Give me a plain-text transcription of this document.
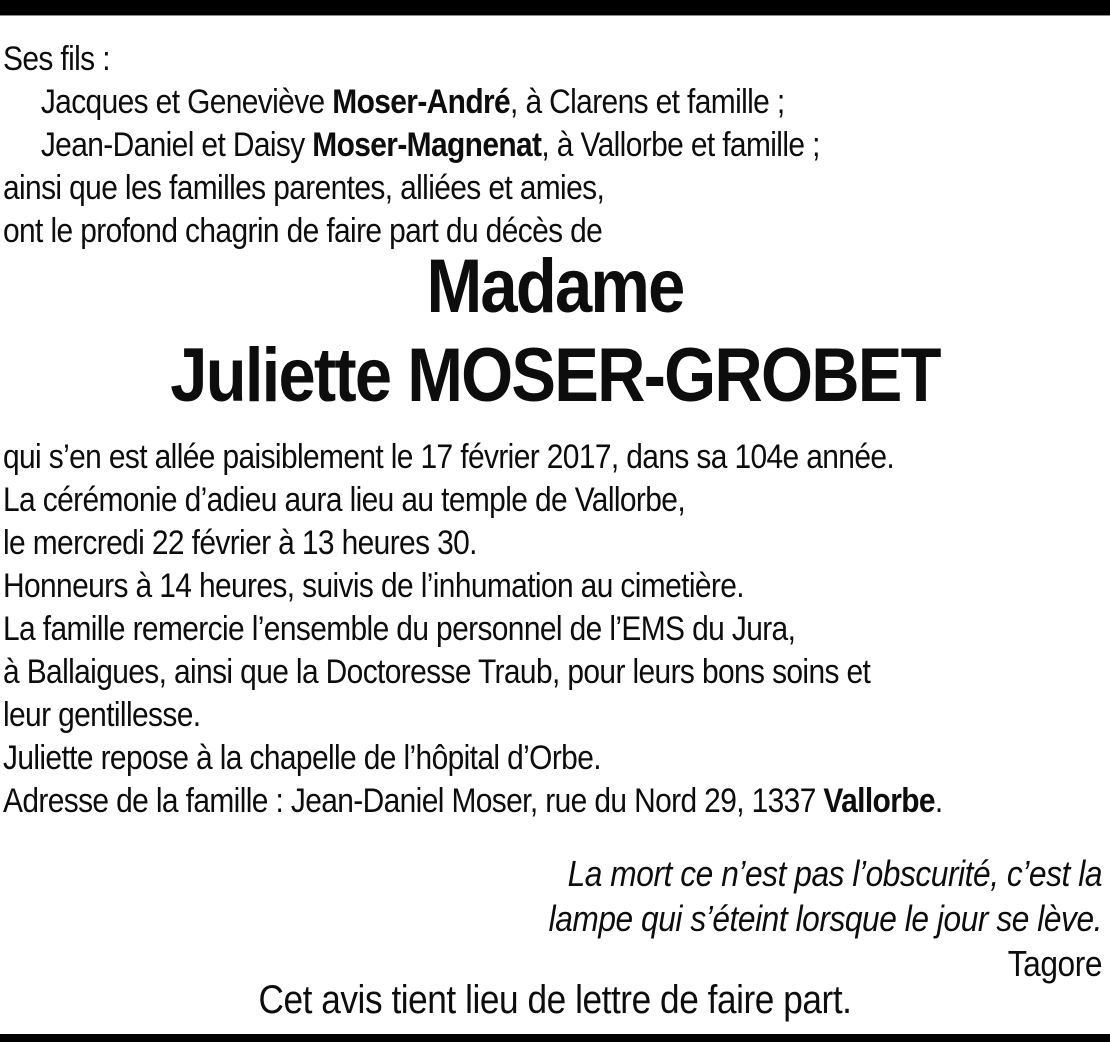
Ses fils :

Jacques et Geneviève Moser-André, à Clarens et famille ;

Jean-Daniel et Daisy Moser-Magnenat, à Vallorbe et famille ;

ainsi que les familles parentes, alliées et amies,

ont le profond chagrin de faire part du décès de

Madame

Juliette MOSER-GROBET

qui s’en est allée paisiblement le 17 février 2017, dans sa 104e année.

La cérémonie d’adieu aura lieu au temple de Vallorbe,

le mercredi 22 février à 13 heures 30.

Honneurs à 14 heures, suivis de l’inhumation au cimetière.

La famille remercie l’ensemble du personnel de l’EMS du Jura,

à Ballaigues, ainsi que la Doctoresse Traub, pour leurs bons soins et

leur gentillesse.

Juliette repose à la chapelle de l’hôpital d’Orbe.

Adresse de la famille : Jean-Daniel Moser, rue du Nord 29, 1337 Vallorbe.

La mort ce n’est pas l’obscurité, c’est la

lampe qui s’éteint lorsque le jour se lève.

Tagore

Cet avis tient lieu de lettre de faire part.
